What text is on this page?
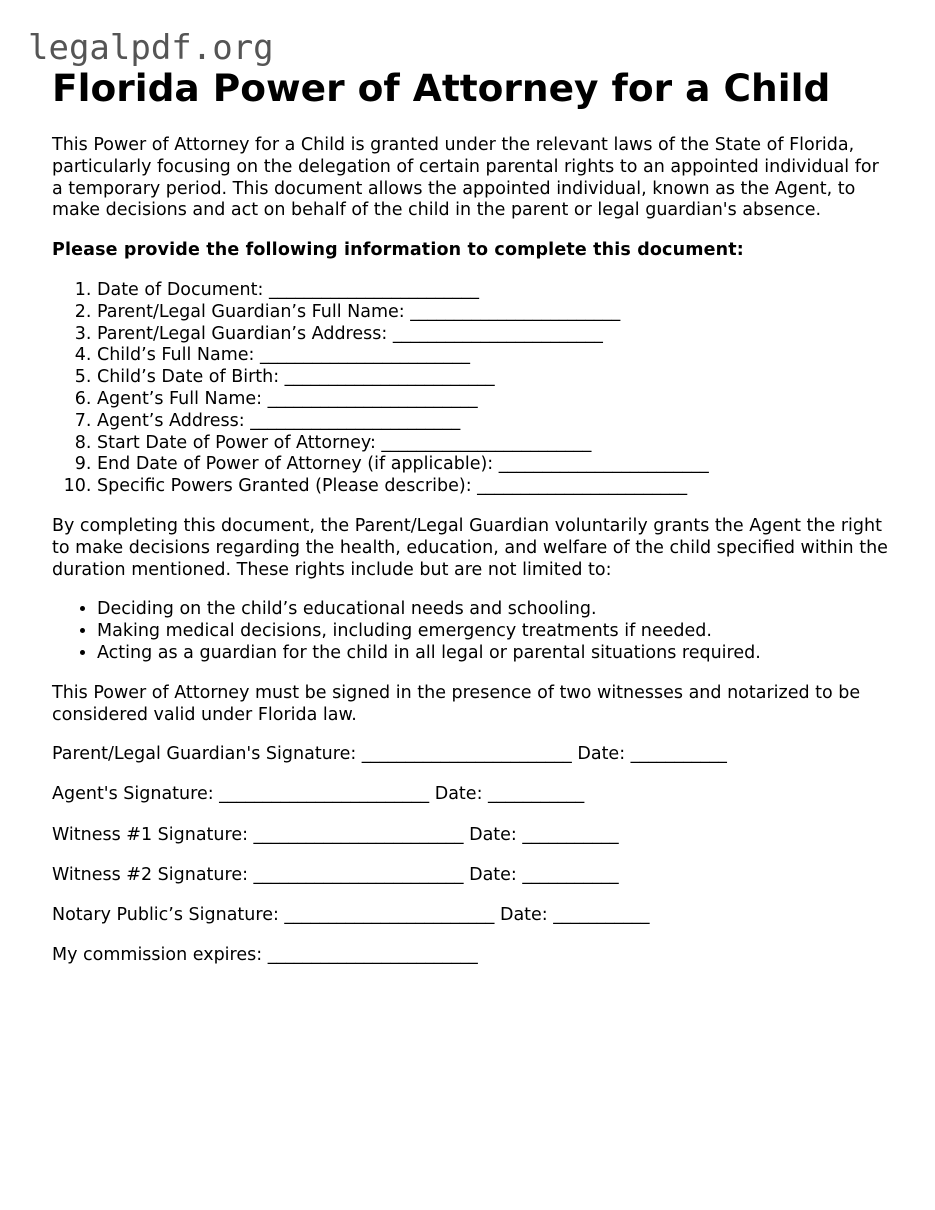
legalpdf.org
Florida Power of Attorney for a Child

This Power of Attorney for a Child is granted under the relevant laws of the State of Florida, particularly focusing on the delegation of certain parental rights to an appointed individual for a temporary period. This document allows the appointed individual, known as the Agent, to make decisions and act on behalf of the child in the parent or legal guardian's absence.

Please provide the following information to complete this document:

1. Date of Document: ________________________
2. Parent/Legal Guardian’s Full Name: ________________________
3. Parent/Legal Guardian’s Address: ________________________
4. Child’s Full Name: ________________________
5. Child’s Date of Birth: ________________________
6. Agent’s Full Name: ________________________
7. Agent’s Address: ________________________
8. Start Date of Power of Attorney: ________________________
9. End Date of Power of Attorney (if applicable): ________________________
10. Specific Powers Granted (Please describe): ________________________

By completing this document, the Parent/Legal Guardian voluntarily grants the Agent the right to make decisions regarding the health, education, and welfare of the child specified within the duration mentioned. These rights include but are not limited to:

• Deciding on the child’s educational needs and schooling.
• Making medical decisions, including emergency treatments if needed.
• Acting as a guardian for the child in all legal or parental situations required.

This Power of Attorney must be signed in the presence of two witnesses and notarized to be considered valid under Florida law.

Parent/Legal Guardian's Signature: ________________________ Date: ___________

Agent's Signature: ________________________ Date: ___________

Witness #1 Signature: ________________________ Date: ___________

Witness #2 Signature: ________________________ Date: ___________

Notary Public’s Signature: ________________________ Date: ___________

My commission expires: ________________________
